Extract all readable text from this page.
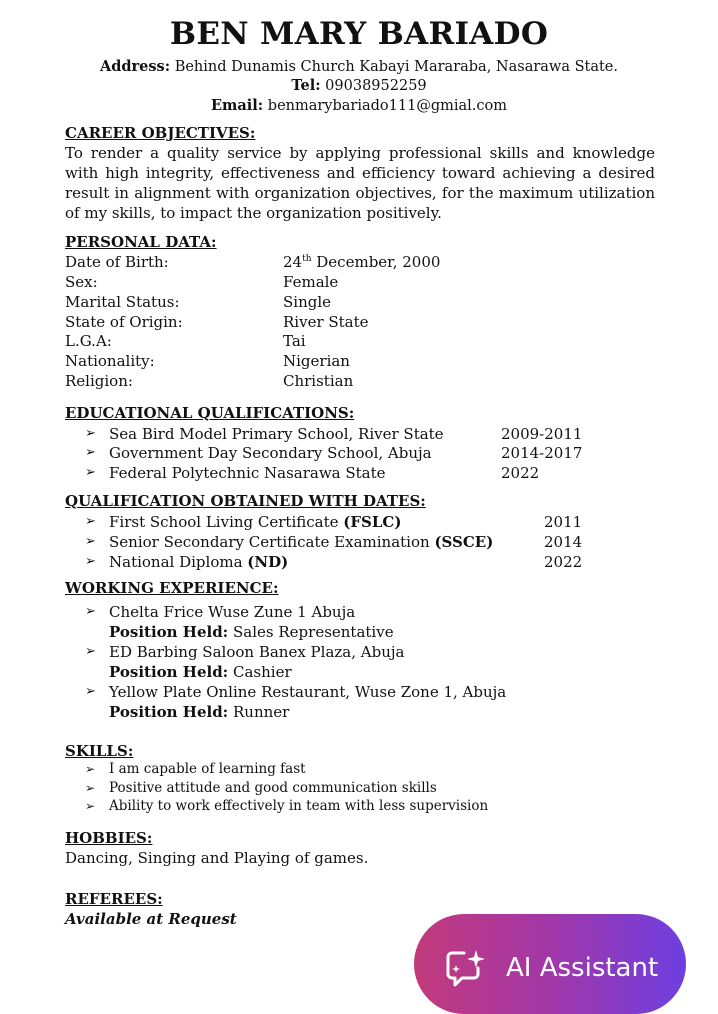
BEN MARY BARIADO
Address: Behind Dunamis Church Kabayi Mararaba, Nasarawa State.
Tel: 09038952259
Email: benmarybariado111@gmial.com
CAREER OBJECTIVES:
To render a quality service by applying professional skills and knowledge with high integrity, effectiveness and efficiency toward achieving a desired result in alignment with organization objectives, for the maximum utilization of my skills, to impact the organization positively.
PERSONAL DATA:
Date of Birth:	24th December, 2000
Sex:	Female
Marital Status:	Single
State of Origin:	River State
L.G.A:	Tai
Nationality:	Nigerian
Religion:	Christian
EDUCATIONAL QUALIFICATIONS:
➢ Sea Bird Model Primary School, River State	2009-2011
➢ Government Day Secondary School, Abuja	2014-2017
➢ Federal Polytechnic Nasarawa State	2022
QUALIFICATION OBTAINED WITH DATES:
➢ First School Living Certificate (FSLC)	2011
➢ Senior Secondary Certificate Examination (SSCE)	2014
➢ National Diploma (ND)	2022
WORKING EXPERIENCE:
➢ Chelta Frice Wuse Zune 1 Abuja
Position Held: Sales Representative
➢ ED Barbing Saloon Banex Plaza, Abuja
Position Held: Cashier
➢ Yellow Plate Online Restaurant, Wuse Zone 1, Abuja
Position Held: Runner
SKILLS:
➢ I am capable of learning fast
➢ Positive attitude and good communication skills
➢ Ability to work effectively in team with less supervision
HOBBIES:
Dancing, Singing and Playing of games.
REFEREES:
Available at Request
AI Assistant
